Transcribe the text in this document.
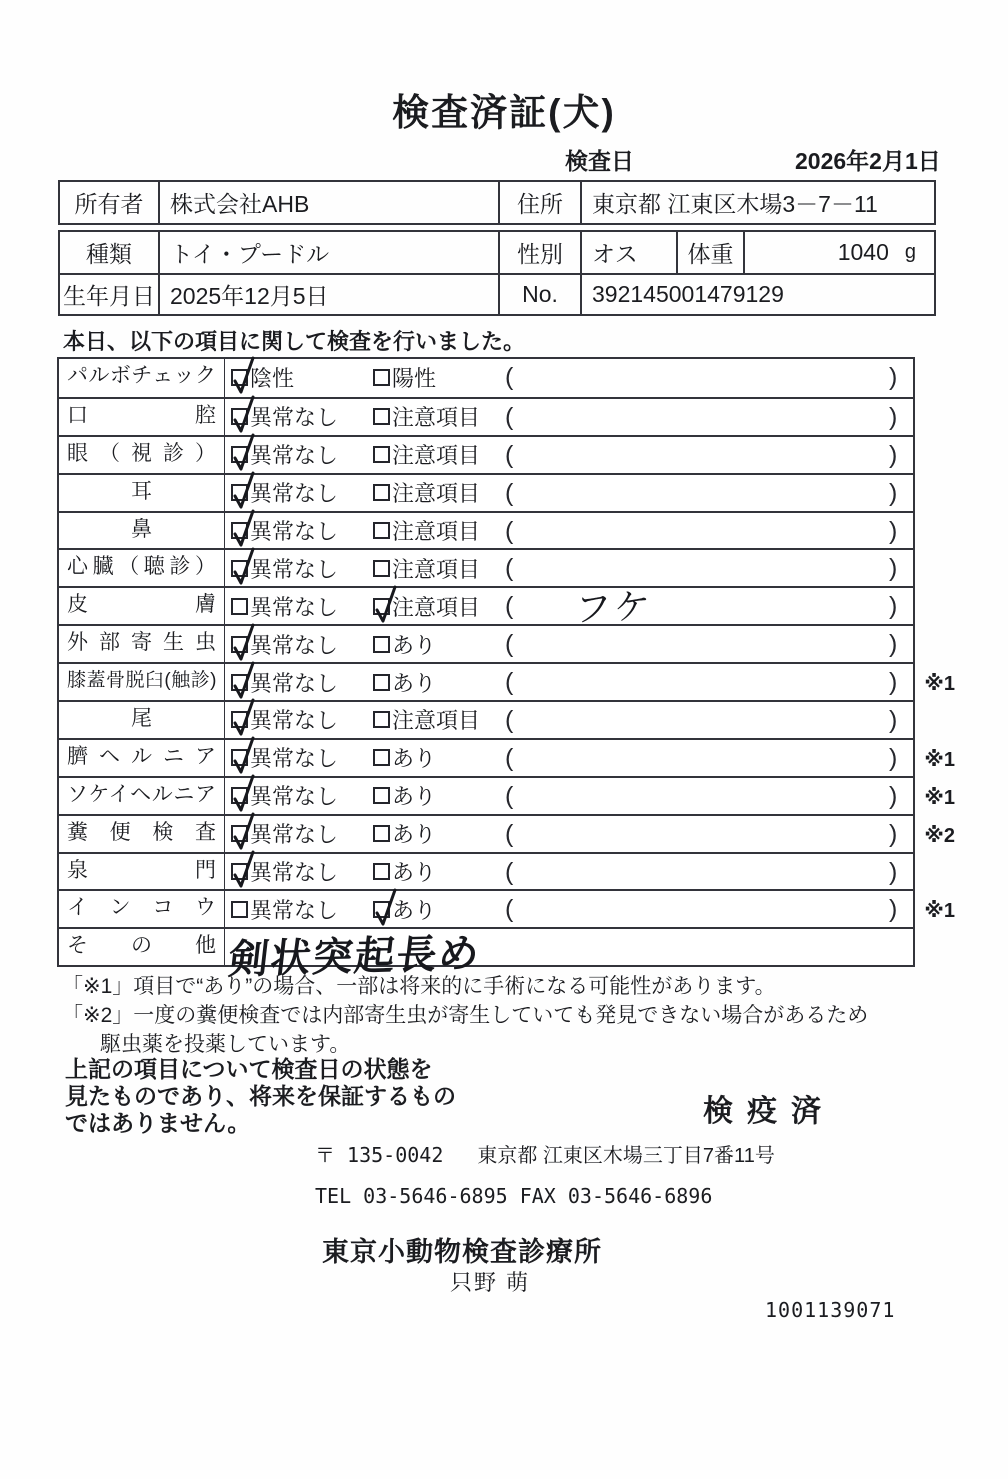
検査済証(犬)
検査日	2026年2月1日
所有者	株式会社AHB	住所	東京都 江東区木場3－7－11
種類	トイ・プードル	性別	オス	体重	1040 g
生年月日 2025年12月5日	No.	392145001479129
本日、以下の項目に関して検査を行いました。
パルボチェック	陰性	陽性	(	)
口腔	異常なし 注意項目 (	)
眼（視診）	異常なし 注意項目 (	)
耳	異常なし 注意項目 (	)
鼻	異常なし 注意項目 (	)
心臓（聴診）	異常なし 注意項目 (	)
皮膚	異常なし 注意項目 ( フケ	)
外部寄生虫	異常なし あり	(	)
膝蓋骨脱臼(触診)	異常なし あり	(	) ※1
尾	異常なし 注意項目 (	)
臍ヘルニア	異常なし あり	(	) ※1
ソケイヘルニア	異常なし あり	(	) ※1
糞便検査	異常なし あり	(	) ※2
泉門	異常なし あり	(	)
インコウ	異常なし あり	(	) ※1
その他 剣状突起長め
「※1」項目で“あり”の場合、一部は将来的に手術になる可能性があります。
「※2」一度の糞便検査では内部寄生虫が寄生していても発見できない場合があるため
駆虫薬を投薬しています。
上記の項目について検査日の状態を
見たものであり、将来を保証するもの
ではありません。	検疫済
〒 135-0042 東京都 江東区木場三丁目7番11号
TEL 03-5646-6895 FAX 03-5646-6896
東京小動物検査診療所
只野 萌
1001139071
